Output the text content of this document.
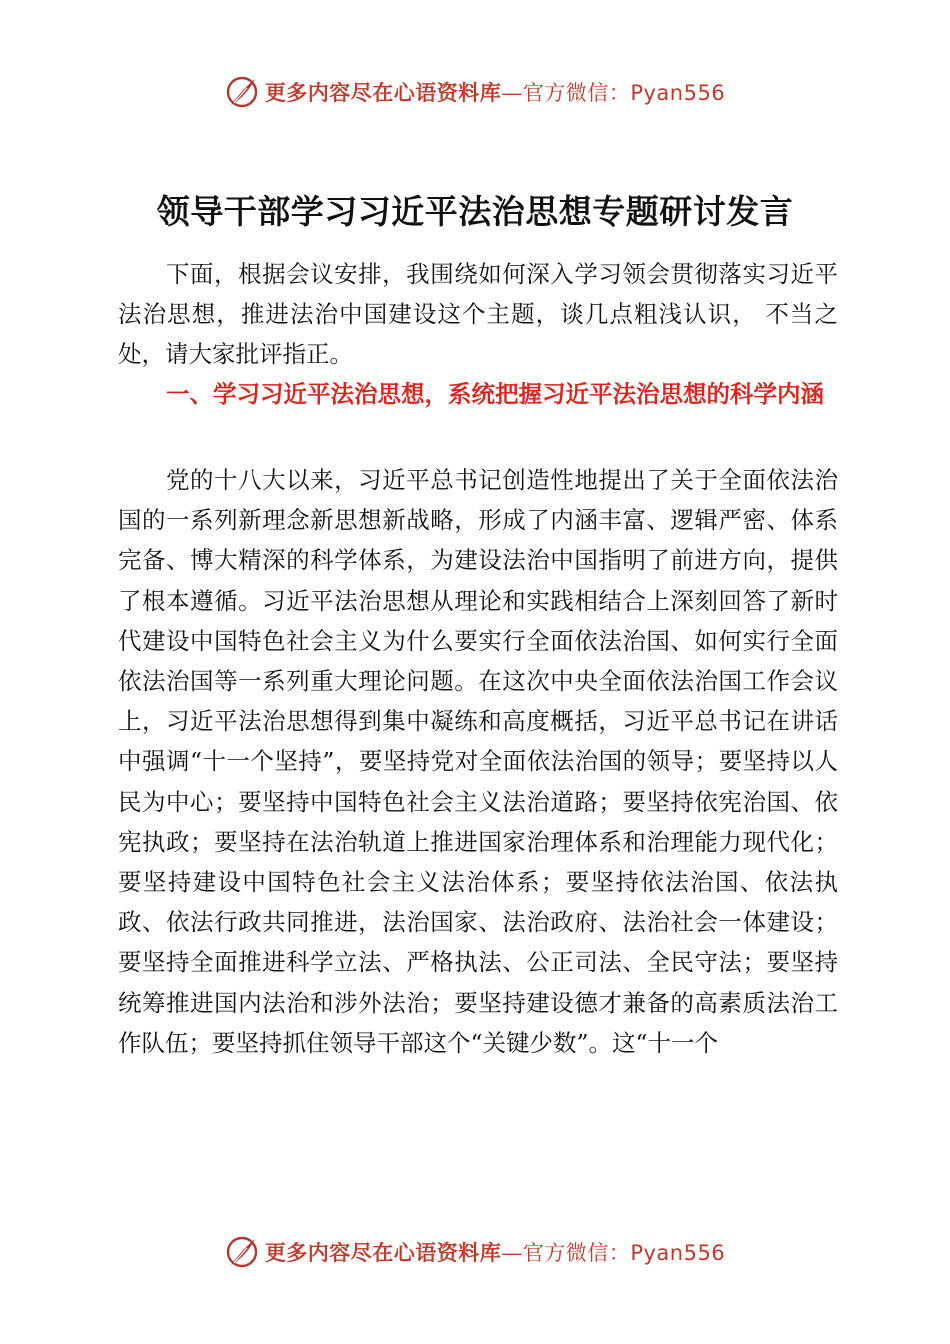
更多内容尽在心语资料库—官方微信：Pyan556
领导干部学习习近平法治思想专题研讨发言

下面，根据会议安排，我围绕如何深入学习领会贯彻落实习近平法治思想，推进法治中国建设这个主题，谈几点粗浅认识， 不当之处，请大家批评指正。

一、学习习近平法治思想，系统把握习近平法治思想的科学内涵

党的十八大以来，习近平总书记创造性地提出了关于全面依法治国的一系列新理念新思想新战略，形成了内涵丰富、逻辑严密、体系完备、博大精深的科学体系，为建设法治中国指明了前进方向，提供了根本遵循。习近平法治思想从理论和实践相结合上深刻回答了新时代建设中国特色社会主义为什么要实行全面依法治国、如何实行全面依法治国等一系列重大理论问题。在这次中央全面依法治国工作会议上，习近平法治思想得到集中凝练和高度概括，习近平总书记在讲话中强调“十一个坚持”，要坚持党对全面依法治国的领导；要坚持以人民为中心；要坚持中国特色社会主义法治道路；要坚持依宪治国、依宪执政；要坚持在法治轨道上推进国家治理体系和治理能力现代化；要坚持建设中国特色社会主义法治体系；要坚持依法治国、依法执政、依法行政共同推进，法治国家、法治政府、法治社会一体建设；要坚持全面推进科学立法、严格执法、公正司法、全民守法；要坚持统筹推进国内法治和涉外法治；要坚持建设德才兼备的高素质法治工作队伍；要坚持抓住领导干部这个“关键少数”。这“十一个

更多内容尽在心语资料库—官方微信：Pyan556
